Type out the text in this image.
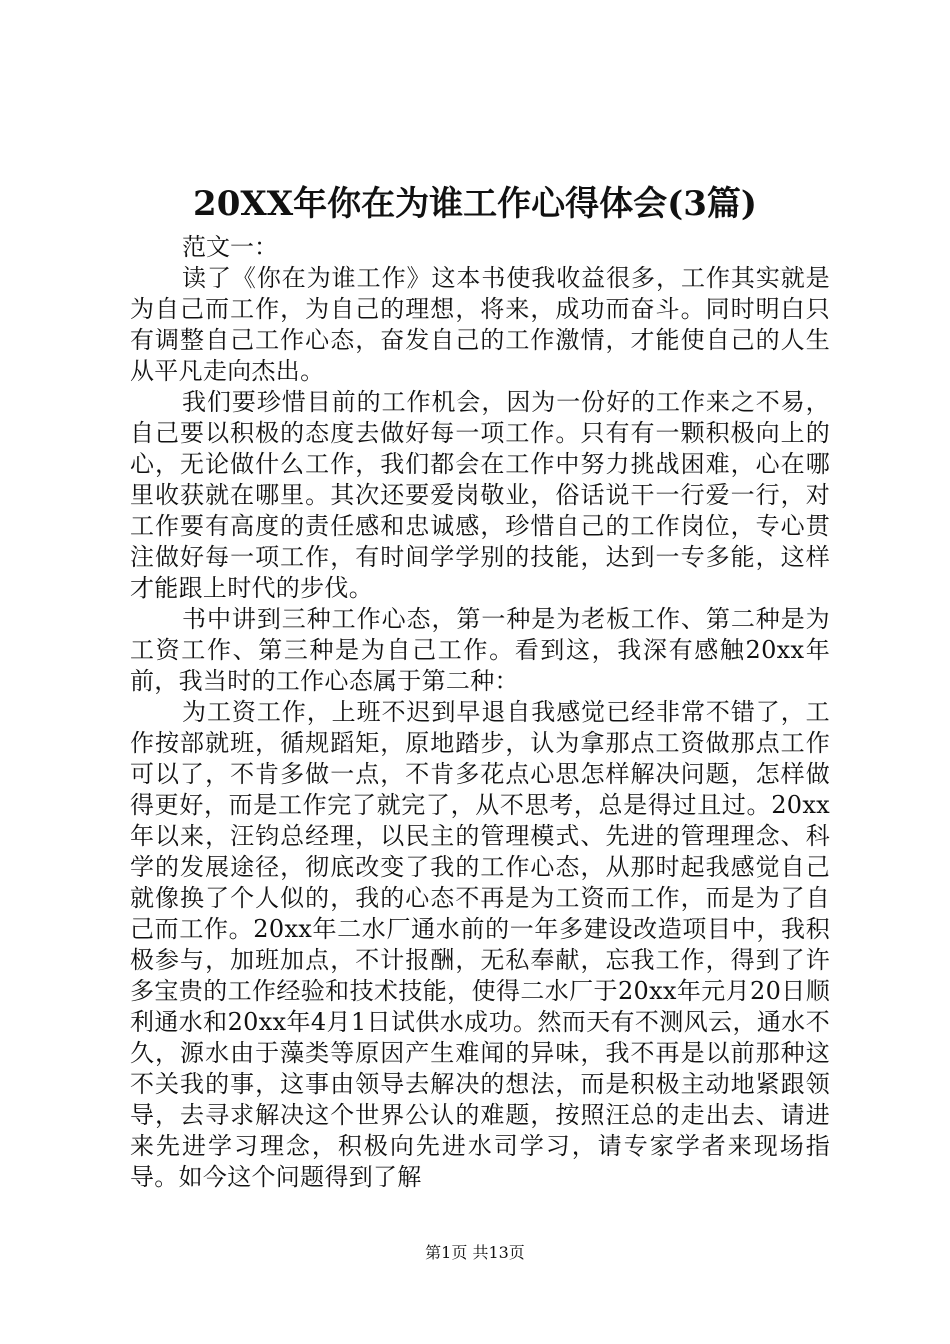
20XX年你在为谁工作心得体会(3篇)

范文一：

读了《你在为谁工作》这本书使我收益很多，工作其实就是为自己而工作，为自己的理想，将来，成功而奋斗。同时明白只有调整自己工作心态，奋发自己的工作激情，才能使自己的人生从平凡走向杰出。

我们要珍惜目前的工作机会，因为一份好的工作来之不易，自己要以积极的态度去做好每一项工作。只有有一颗积极向上的心，无论做什么工作，我们都会在工作中努力挑战困难，心在哪里收获就在哪里。其次还要爱岗敬业，俗话说干一行爱一行，对工作要有高度的责任感和忠诚感，珍惜自己的工作岗位，专心贯注做好每一项工作，有时间学学别的技能，达到一专多能，这样才能跟上时代的步伐。

书中讲到三种工作心态，第一种是为老板工作、第二种是为工资工作、第三种是为自己工作。看到这，我深有感触20xx年前，我当时的工作心态属于第二种：

为工资工作，上班不迟到早退自我感觉已经非常不错了，工作按部就班，循规蹈矩，原地踏步，认为拿那点工资做那点工作可以了，不肯多做一点，不肯多花点心思怎样解决问题，怎样做得更好，而是工作完了就完了，从不思考，总是得过且过。20xx年以来，汪钧总经理，以民主的管理模式、先进的管理理念、科学的发展途径，彻底改变了我的工作心态，从那时起我感觉自己就像换了个人似的，我的心态不再是为工资而工作，而是为了自己而工作。20xx年二水厂通水前的一年多建设改造项目中，我积极参与，加班加点，不计报酬，无私奉献，忘我工作，得到了许多宝贵的工作经验和技术技能，使得二水厂于20xx年元月20日顺利通水和20xx年4月1日试供水成功。然而天有不测风云，通水不久，源水由于藻类等原因产生难闻的异味，我不再是以前那种这不关我的事，这事由领导去解决的想法，而是积极主动地紧跟领导，去寻求解决这个世界公认的难题，按照汪总的走出去、请进来先进学习理念，积极向先进水司学习，请专家学者来现场指导。如今这个问题得到了解

第1页 共13页
